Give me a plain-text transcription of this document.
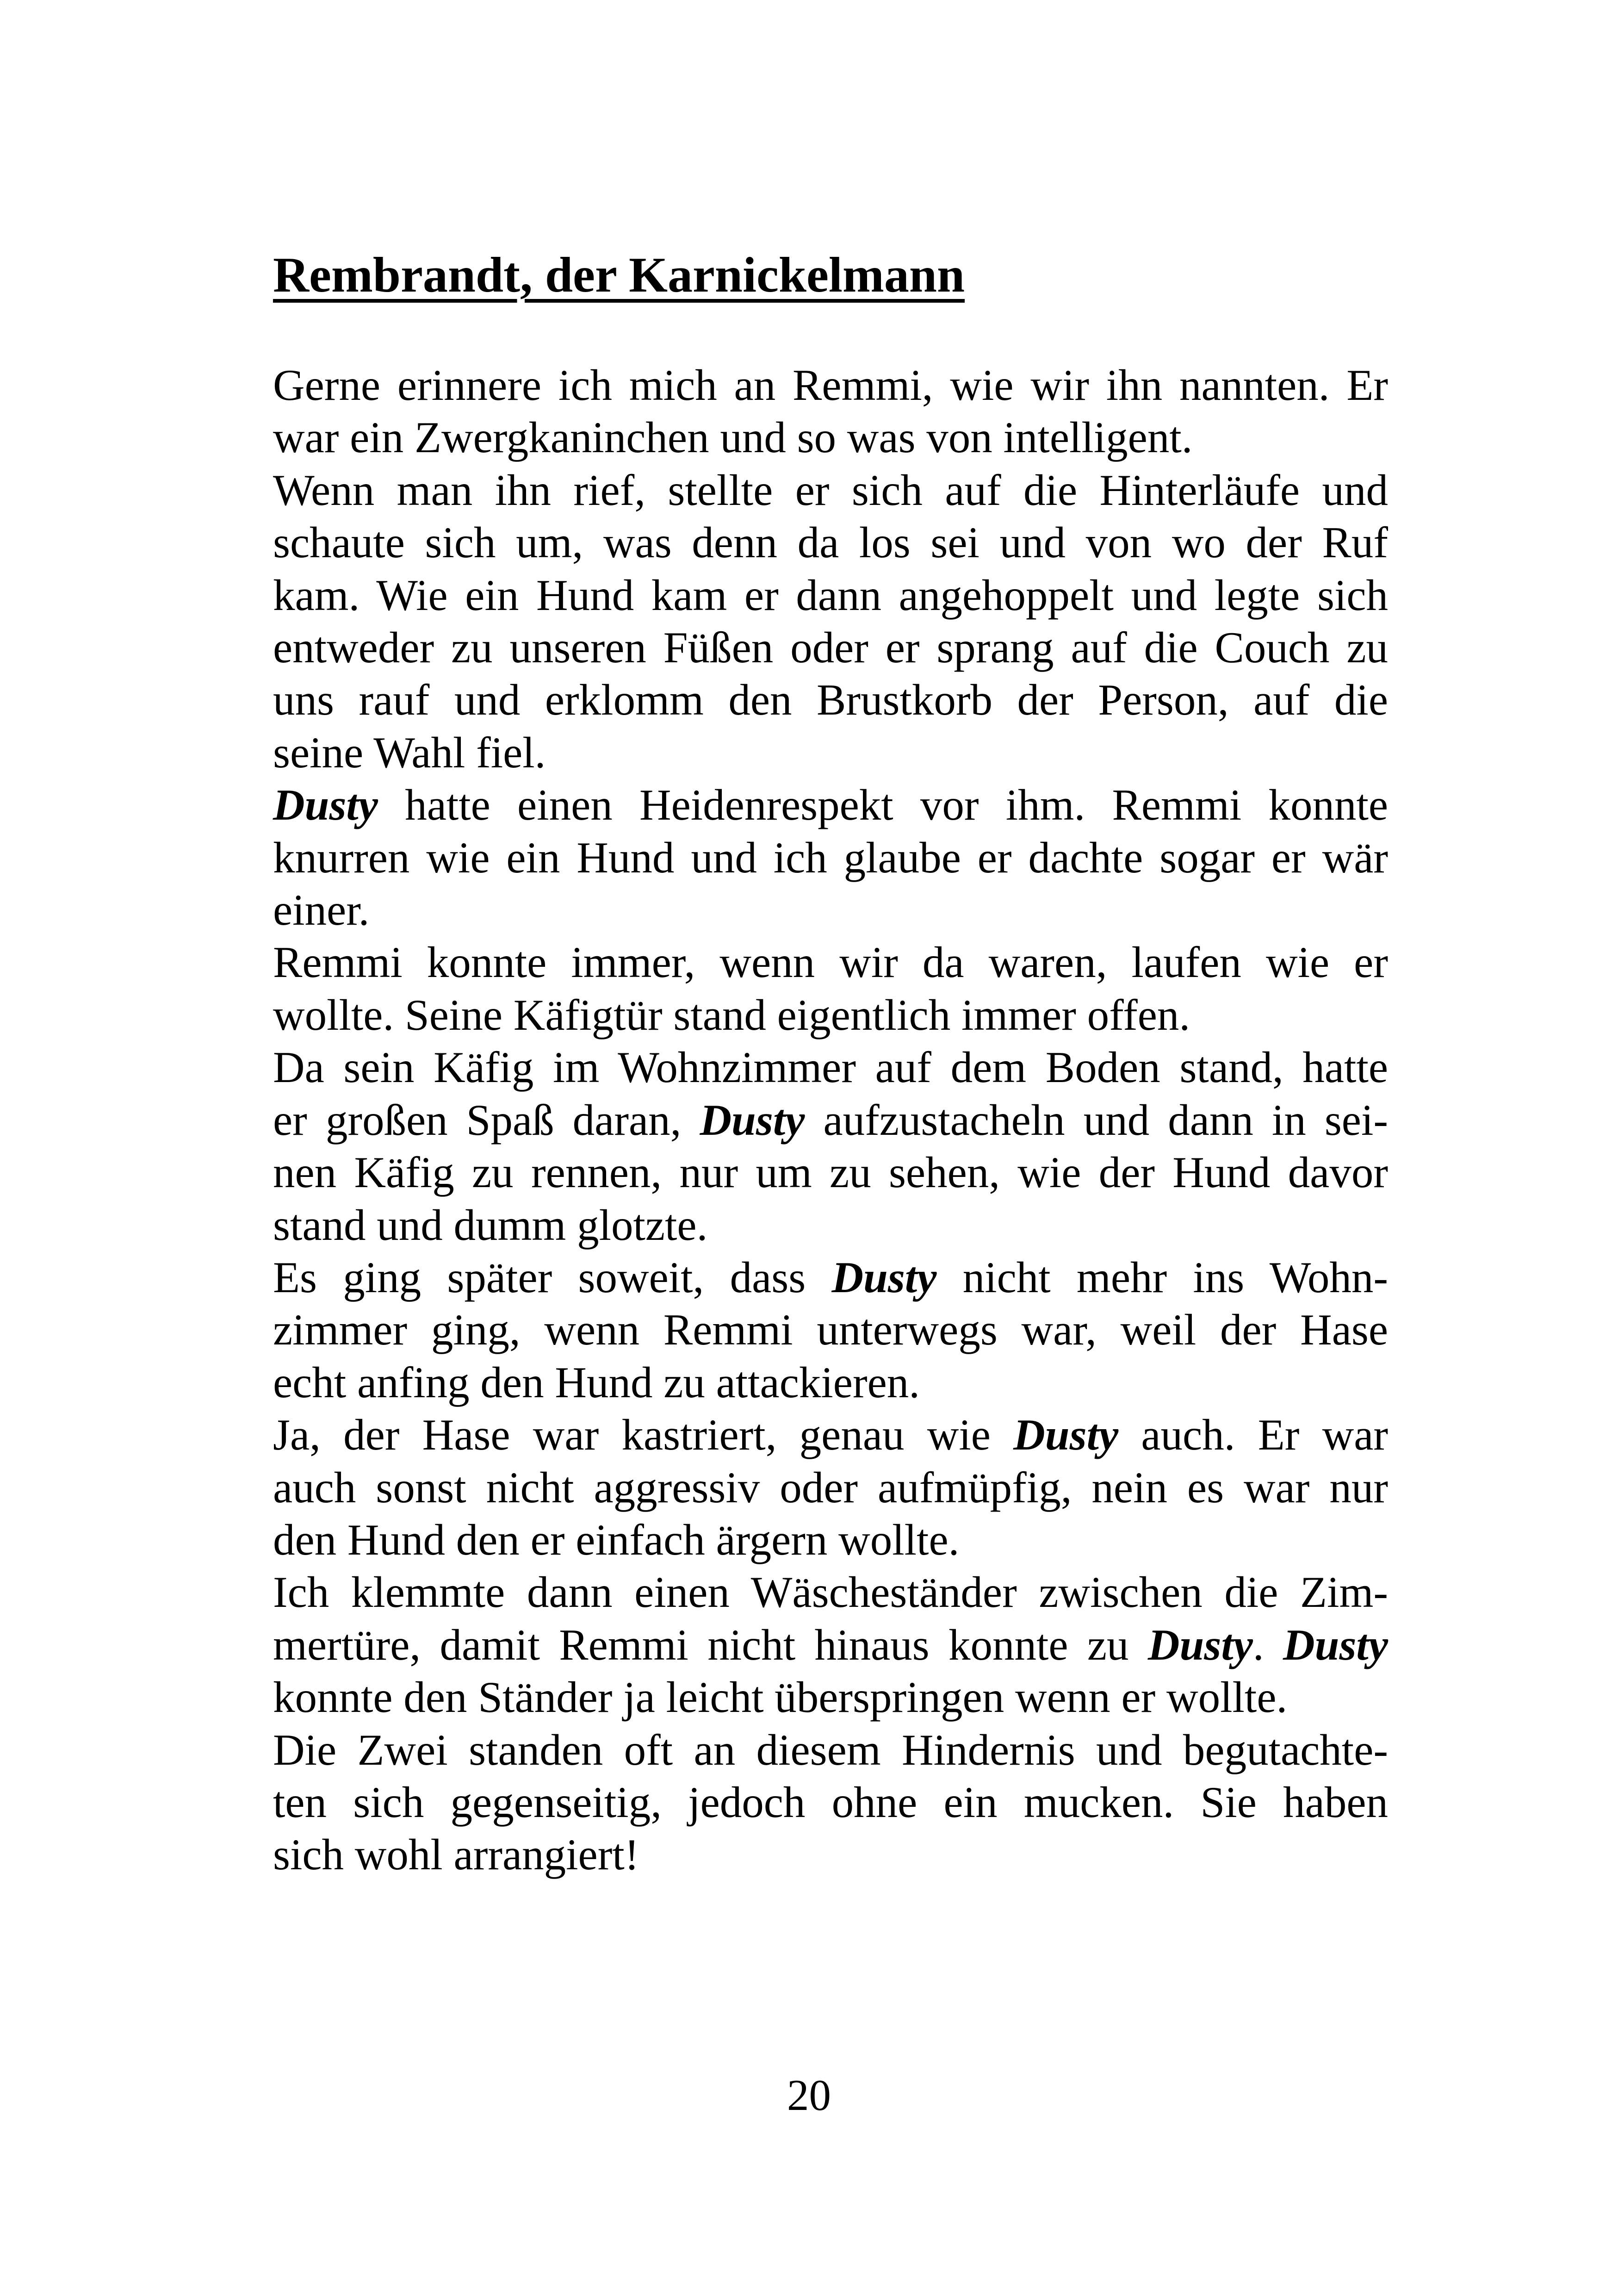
Rembrandt, der Karnickelmann

Gerne erinnere ich mich an Remmi, wie wir ihn nannten. Er
war ein Zwergkaninchen und so was von intelligent.

Wenn man ihn rief, stellte er sich auf die Hinterläufe und
schaute sich um, was denn da los sei und von wo der Ruf
kam. Wie ein Hund kam er dann angehoppelt und legte sich
entweder zu unseren Füßen oder er sprang auf die Couch zu
uns rauf und erklomm den Brustkorb der Person, auf die
seine Wahl fiel.

Dusty hatte einen Heidenrespekt vor ihm. Remmi konnte
knurren wie ein Hund und ich glaube er dachte sogar er wär
einer.

Remmi konnte immer, wenn wir da waren, laufen wie er
wollte. Seine Käfigtür stand eigentlich immer offen.

Da sein Käfig im Wohnzimmer auf dem Boden stand, hatte
er großen Spaß daran, Dusty aufzustacheln und dann in sei-
nen Käfig zu rennen, nur um zu sehen, wie der Hund davor
stand und dumm glotzte.

Es ging später soweit, dass Dusty nicht mehr ins Wohn-
zimmer ging, wenn Remmi unterwegs war, weil der Hase
echt anfing den Hund zu attackieren.

Ja, der Hase war kastriert, genau wie Dusty auch. Er war
auch sonst nicht aggressiv oder aufmüpfig, nein es war nur
den Hund den er einfach ärgern wollte.

Ich klemmte dann einen Wäscheständer zwischen die Zim-
mertüre, damit Remmi nicht hinaus konnte zu Dusty. Dusty
konnte den Ständer ja leicht überspringen wenn er wollte.

Die Zwei standen oft an diesem Hindernis und begutachte-
ten sich gegenseitig, jedoch ohne ein mucken. Sie haben
sich wohl arrangiert!

20
